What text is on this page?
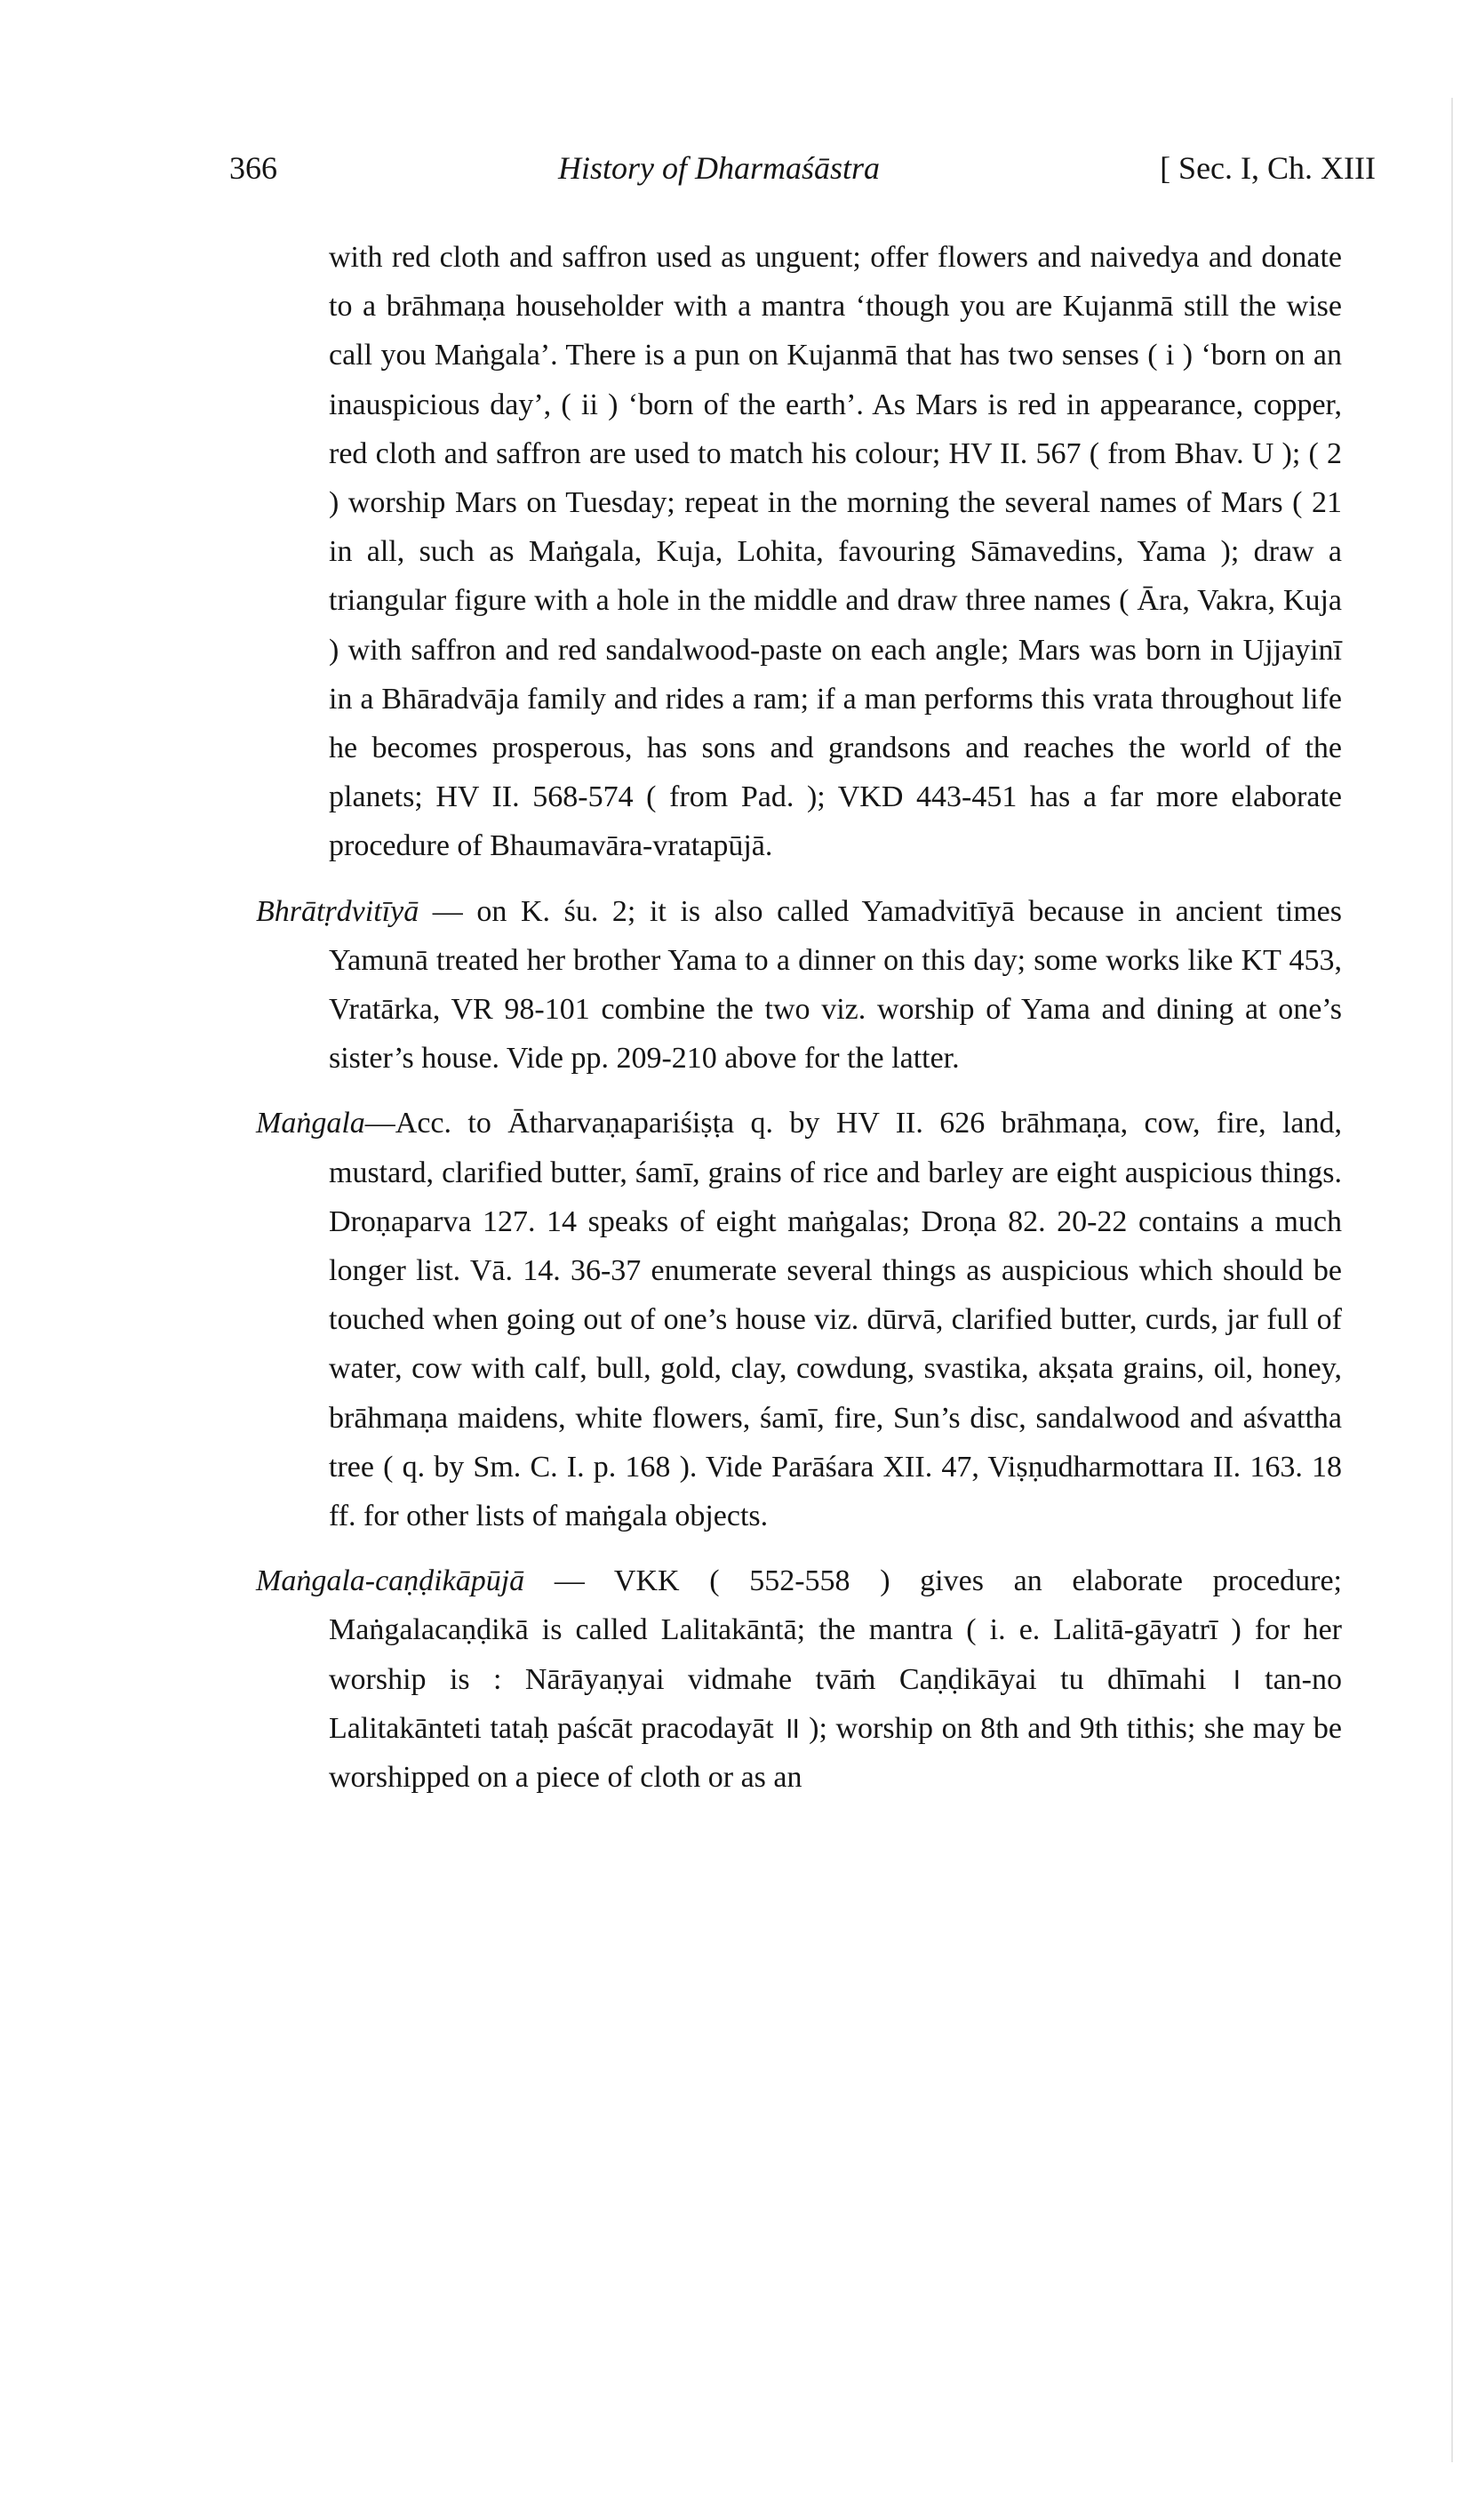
366	History of Dharmaśāstra	[ Sec. I, Ch. XIII

with red cloth and saffron used as unguent; offer flowers and naivedya and donate to a brāhmaṇa householder with a mantra ‘though you are Kujanmā still the wise call you Maṅgala’. There is a pun on Kujanmā that has two senses ( i ) ‘born on an inauspicious day’, ( ii ) ‘born of the earth’. As Mars is red in appearance, copper, red cloth and saffron are used to match his colour; HV II. 567 ( from Bhav. U ); ( 2 ) worship Mars on Tuesday; repeat in the morning the several names of Mars ( 21 in all, such as Maṅgala, Kuja, Lohita, favouring Sāmavedins, Yama ); draw a triangular figure with a hole in the middle and draw three names ( Āra, Vakra, Kuja ) with saffron and red sandalwood-paste on each angle; Mars was born in Ujjayinī in a Bhāradvāja family and rides a ram; if a man performs this vrata throughout life he becomes prosperous, has sons and grandsons and reaches the world of the planets; HV II. 568-574 ( from Pad. ); VKD 443-451 has a far more elaborate procedure of Bhaumavāra-vratapūjā.

Bhrātṛdvitīyā — on K. śu. 2; it is also called Yamadvitīyā because in ancient times Yamunā treated her brother Yama to a dinner on this day; some works like KT 453, Vratārka, VR 98-101 combine the two viz. worship of Yama and dining at one’s sister’s house. Vide pp. 209-210 above for the latter.

Maṅgala—Acc. to Ātharvaṇapariśiṣṭa q. by HV II. 626 brāhmaṇa, cow, fire, land, mustard, clarified butter, śamī, grains of rice and barley are eight auspicious things. Droṇaparva 127. 14 speaks of eight maṅgalas; Droṇa 82. 20-22 contains a much longer list. Vā. 14. 36-37 enumerate several things as auspicious which should be touched when going out of one’s house viz. dūrvā, clarified butter, curds, jar full of water, cow with calf, bull, gold, clay, cowdung, svastika, akṣata grains, oil, honey, brāhmaṇa maidens, white flowers, śamī, fire, Sun’s disc, sandalwood and aśvattha tree ( q. by Sm. C. I. p. 168 ). Vide Parāśara XII. 47, Viṣṇudharmottara II. 163. 18 ff. for other lists of maṅgala objects.

Maṅgala-caṇḍikāpūjā — VKK ( 552-558 ) gives an elaborate procedure; Maṅgalacaṇḍikā is called Lalitakāntā; the mantra ( i. e. Lalitā-gāyatrī ) for her worship is : Nārāyaṇyai vidmahe tvāṁ Caṇḍikāyai tu dhīmahi । tan-no Lalitakānteti tataḥ paścāt pracodayāt ॥ ); worship on 8th and 9th tithis; she may be worshipped on a piece of cloth or as an
